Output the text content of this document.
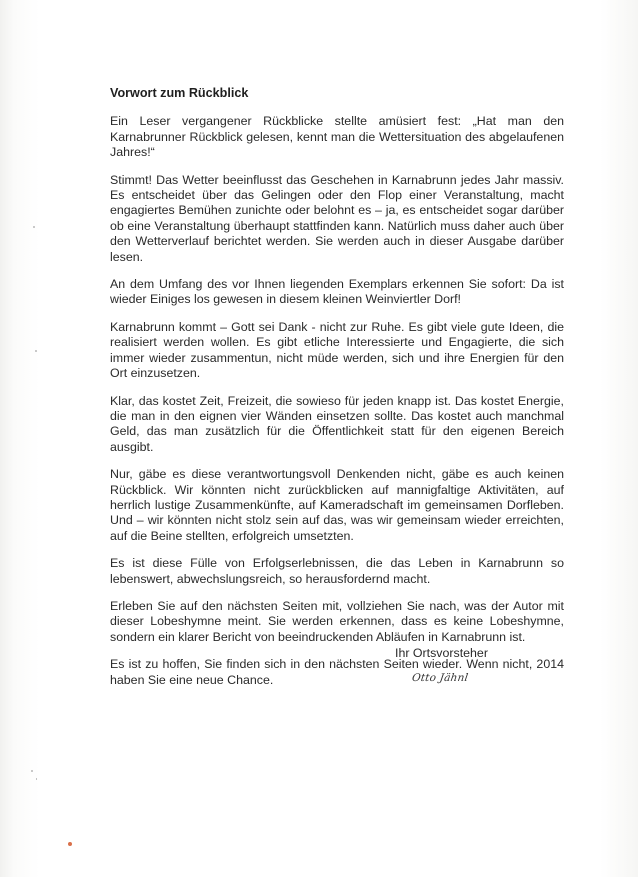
Vorwort zum Rückblick

Ein Leser vergangener Rückblicke stellte amüsiert fest: „Hat man den Karnabrunner Rückblick gelesen, kennt man die Wettersituation des abgelaufenen Jahres!“

Stimmt! Das Wetter beeinflusst das Geschehen in Karnabrunn jedes Jahr massiv. Es entscheidet über das Gelingen oder den Flop einer Veranstaltung, macht engagiertes Bemühen zunichte oder belohnt es – ja, es entscheidet sogar darüber ob eine Veranstaltung überhaupt stattfinden kann. Natürlich muss daher auch über den Wetterverlauf berichtet werden. Sie werden auch in dieser Ausgabe darüber lesen.

An dem Umfang des vor Ihnen liegenden Exemplars erkennen Sie sofort: Da ist wieder Einiges los gewesen in diesem kleinen Weinviertler Dorf!

Karnabrunn kommt – Gott sei Dank - nicht zur Ruhe. Es gibt viele gute Ideen, die realisiert werden wollen. Es gibt etliche Interessierte und Engagierte, die sich immer wieder zusammentun, nicht müde werden, sich und ihre Energien für den Ort einzusetzen.

Klar, das kostet Zeit, Freizeit, die sowieso für jeden knapp ist. Das kostet Energie, die man in den eignen vier Wänden einsetzen sollte. Das kostet auch manchmal Geld, das man zusätzlich für die Öffentlichkeit statt für den eigenen Bereich ausgibt.

Nur, gäbe es diese verantwortungsvoll Denkenden nicht, gäbe es auch keinen Rückblick. Wir könnten nicht zurückblicken auf mannigfaltige Aktivitäten, auf herrlich lustige Zusammenkünfte, auf Kameradschaft im gemeinsamen Dorfleben. Und – wir könnten nicht stolz sein auf das, was wir gemeinsam wieder erreichten, auf die Beine stellten, erfolgreich umsetzten.

Es ist diese Fülle von Erfolgserlebnissen, die das Leben in Karnabrunn so lebenswert, abwechslungsreich, so herausfordernd macht.

Erleben Sie auf den nächsten Seiten mit, vollziehen Sie nach, was der Autor mit dieser Lobeshymne meint. Sie werden erkennen, dass es keine Lobeshymne, sondern ein klarer Bericht von beeindruckenden Abläufen in Karnabrunn ist.

Es ist zu hoffen, Sie finden sich in den nächsten Seiten wieder. Wenn nicht, 2014 haben Sie eine neue Chance.

Ihr Ortsvorsteher
Otto Jähnl
